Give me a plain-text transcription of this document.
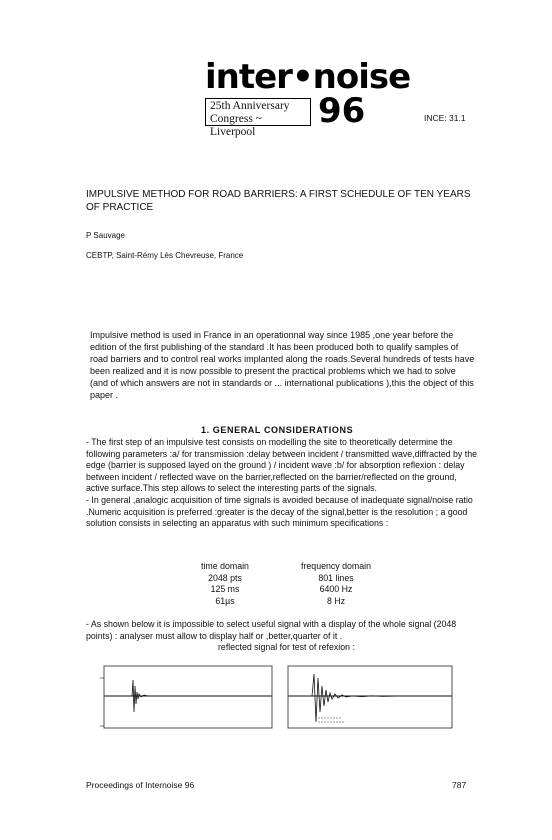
inter•noise
25th Anniversary
Congress ~ Liverpool
96	INCE: 31.1
IMPULSIVE METHOD FOR ROAD BARRIERS: A FIRST SCHEDULE OF TEN YEARS OF PRACTICE
P Sauvage
CEBTP, Saint-Rémy Lès Chevreuse, France
Impulsive method is used in France in an operationnal way since 1985 ,one year before the edition of the first publishing of the standard .It has been produced both to qualify samples of road barriers and to control real works implanted along the roads.Several hundreds of tests have been realized and it is now possible to present the practical problems which we had to solve (and of which answers are not in standards or ... international publications ),this the object of this paper .
1. GENERAL CONSIDERATIONS
- The first step of an impulsive test consists on modelling the site to theoretically determine the following parameters :a/ for transmission :delay between incident / transmitted wave,diffracted by the edge (barrier is supposed layed on the ground ) / incident wave :b/ for absorption reflexion : delay between incident / reflected wave on the barrier,reflected on the barrier/reflected on the ground, active surface.This step allows to select the interesting parts of the signals.
- In general ,analogic acquisition of time signals is avoided because of inadequate signal/noise ratio .Numeric acquisition is preferred :greater is the decay of the signal,better is the resolution ; a good solution consists in selecting an apparatus with such minimum specifications :
time domain
2048 pts
125 ms
61µs
frequency domain
801 lines
6400 Hz
8 Hz
- As shown below it is impossible to select useful signal with a display of the whole signal (2048 points) : analyser must allow to display half or ,better,quarter of it .
reflected signal for test of refexion :
Proceedings of Internoise 96	787
